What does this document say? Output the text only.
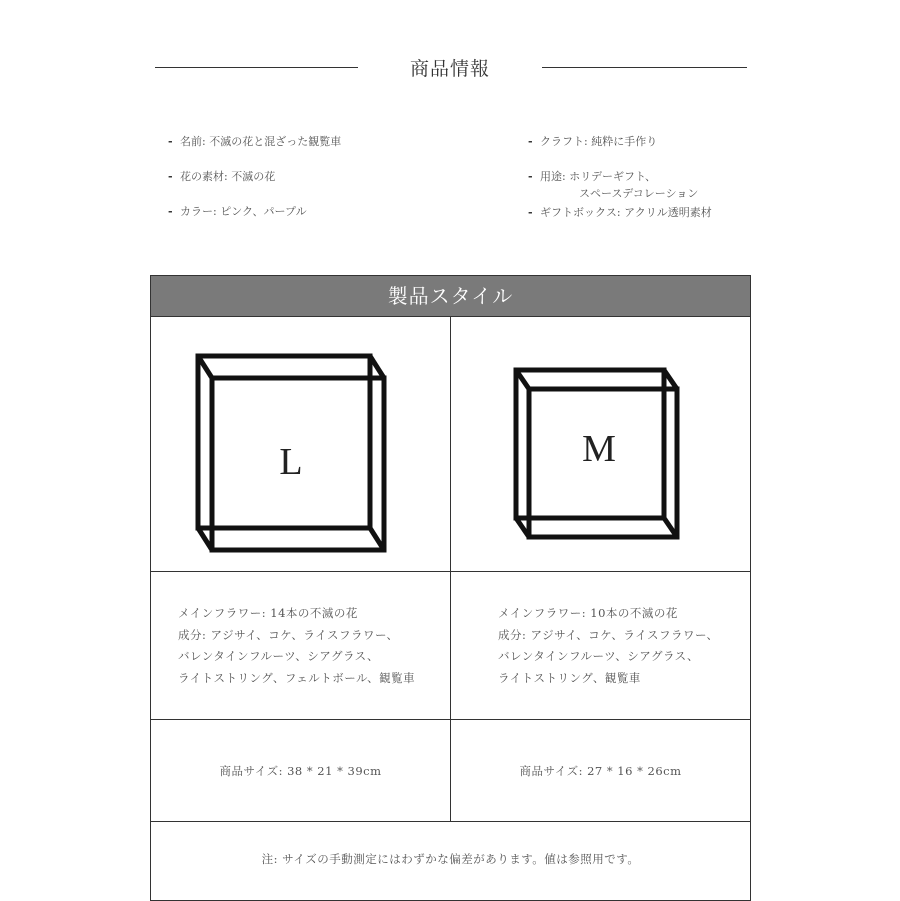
商品情報
- 名前: 不滅の花と混ざった観覧車
- 花の素材: 不滅の花
- カラー: ピンク、パープル
- クラフト: 純粋に手作り
- 用途: ホリデーギフト、
スペースデコレーション
- ギフトボックス: アクリル透明素材
製品スタイル
L	M
メインフラワー: 14本の不滅の花
成分: アジサイ、コケ、ライスフラワー、
バレンタインフルーツ、シアグラス、
ライトストリング、フェルトボール、観覧車
メインフラワー: 10本の不滅の花
成分: アジサイ、コケ、ライスフラワー、
バレンタインフルーツ、シアグラス、
ライトストリング、観覧車
商品サイズ: 38 * 21 * 39cm	商品サイズ: 27 * 16 * 26cm
注: サイズの手動測定にはわずかな偏差があります。値は参照用です。
